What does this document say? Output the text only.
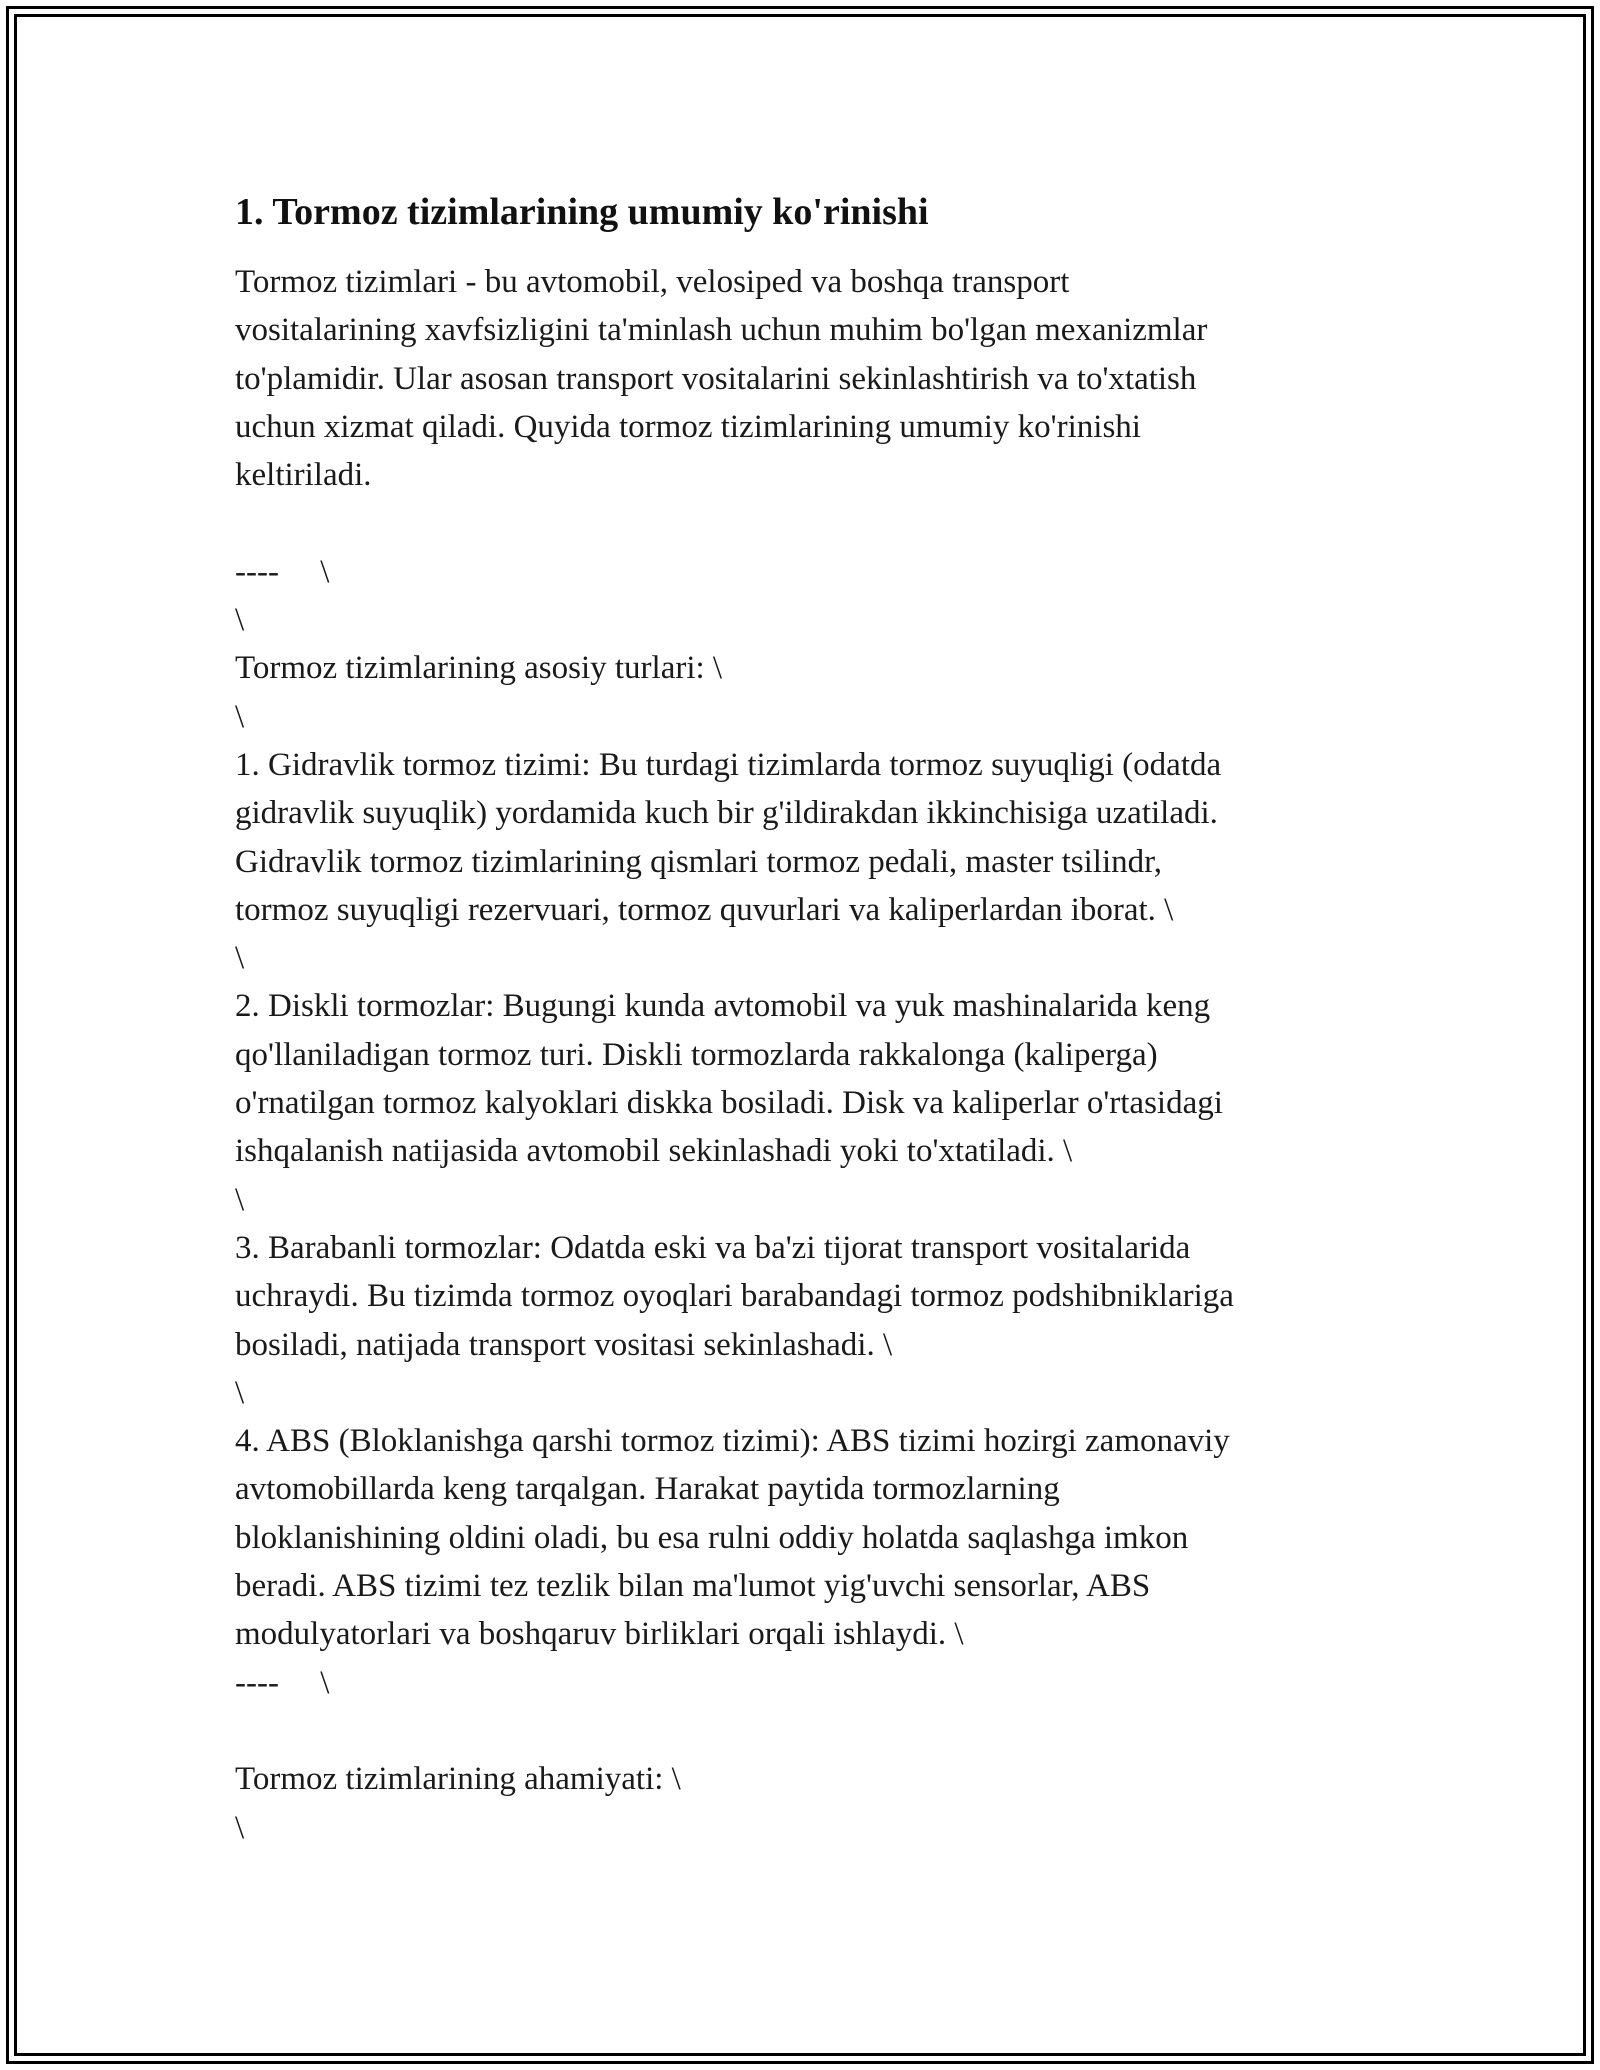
1. Tormoz tizimlarining umumiy ko'rinishi

Tormoz tizimlari - bu avtomobil, velosiped va boshqa transport

vositalarining xavfsizligini ta'minlash uchun muhim bo'lgan mexanizmlar

to'plamidir. Ular asosan transport vositalarini sekinlashtirish va to'xtatish

uchun xizmat qiladi. Quyida tormoz tizimlarining umumiy ko'rinishi

keltiriladi.

----     \

\

Tormoz tizimlarining asosiy turlari: \

\

1. Gidravlik tormoz tizimi: Bu turdagi tizimlarda tormoz suyuqligi (odatda

gidravlik suyuqlik) yordamida kuch bir g'ildirakdan ikkinchisiga uzatiladi.

Gidravlik tormoz tizimlarining qismlari tormoz pedali, master tsilindr,

tormoz suyuqligi rezervuari, tormoz quvurlari va kaliperlardan iborat. \

\

2. Diskli tormozlar: Bugungi kunda avtomobil va yuk mashinalarida keng

qo'llaniladigan tormoz turi. Diskli tormozlarda rakkalonga (kaliperga)

o'rnatilgan tormoz kalyoklari diskka bosiladi. Disk va kaliperlar o'rtasidagi

ishqalanish natijasida avtomobil sekinlashadi yoki to'xtatiladi. \

\

3. Barabanli tormozlar: Odatda eski va ba'zi tijorat transport vositalarida

uchraydi. Bu tizimda tormoz oyoqlari barabandagi tormoz podshibniklariga

bosiladi, natijada transport vositasi sekinlashadi. \

\

4. ABS (Bloklanishga qarshi tormoz tizimi): ABS tizimi hozirgi zamonaviy

avtomobillarda keng tarqalgan. Harakat paytida tormozlarning

bloklanishining oldini oladi, bu esa rulni oddiy holatda saqlashga imkon

beradi. ABS tizimi tez tezlik bilan ma'lumot yig'uvchi sensorlar, ABS

modulyatorlari va boshqaruv birliklari orqali ishlaydi. \

----     \

Tormoz tizimlarining ahamiyati: \

\
